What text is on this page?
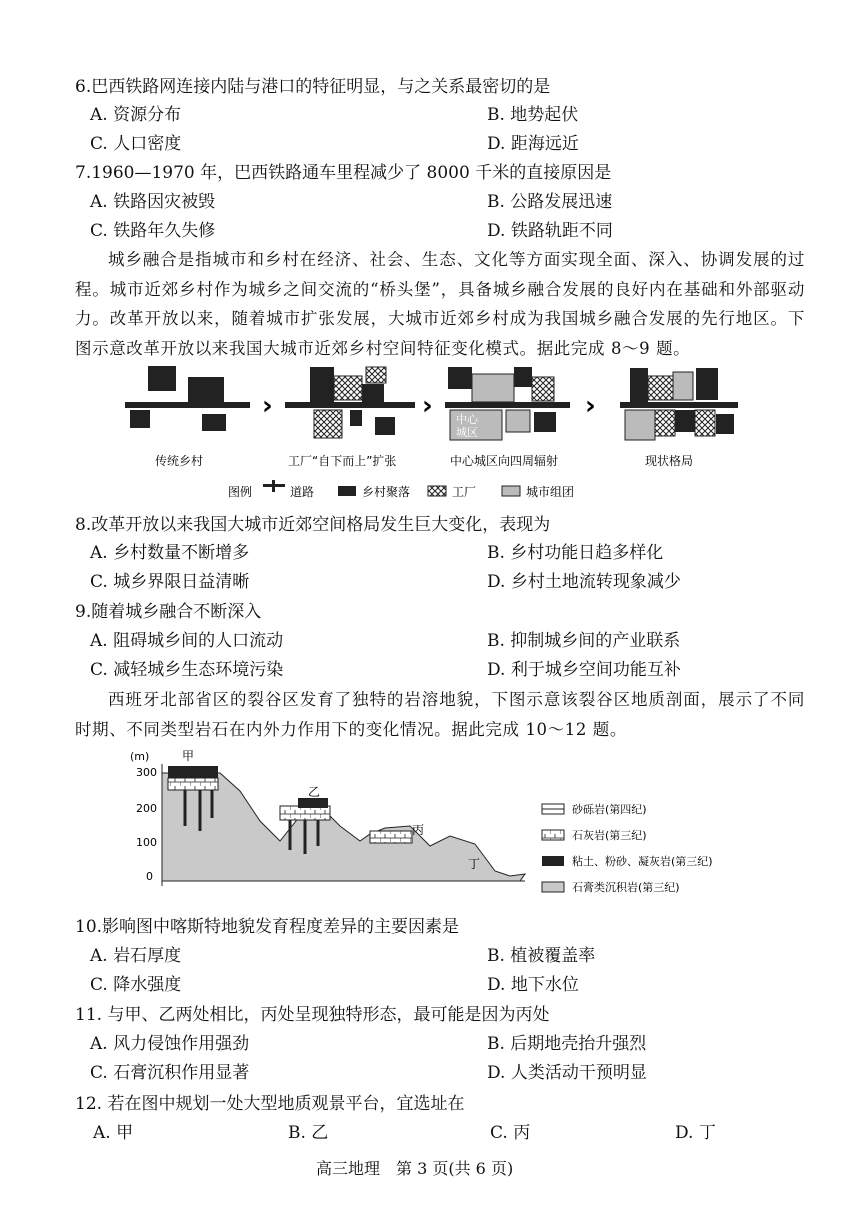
6.巴西铁路网连接内陆与港口的特征明显，与之关系最密切的是
A. 资源分布	B. 地势起伏
C. 人口密度	D. 距海远近
7.1960—1970 年，巴西铁路通车里程减少了 8000 千米的直接原因是
A. 铁路因灾被毁	B. 公路发展迅速
C. 铁路年久失修	D. 铁路轨距不同
城乡融合是指城市和乡村在经济、社会、生态、文化等方面实现全面、深入、协调发展的过程。城市近郊乡村作为城乡之间交流的“桥头堡”，具备城乡融合发展的良好内在基础和外部驱动力。改革开放以来，随着城市扩张发展，大城市近郊乡村成为我国城乡融合发展的先行地区。下图示意改革开放以来我国大城市近郊乡村空间特征变化模式。据此完成 8～9 题。
›	› 中心
城区
›
传统乡村	工厂“自下而上”扩张	中心城区向四周辐射	现状格局
图例	道路	乡村聚落	工厂	城市组团
8.改革开放以来我国大城市近郊空间格局发生巨大变化，表现为
A. 乡村数量不断增多	B. 乡村功能日趋多样化
C. 城乡界限日益清晰	D. 乡村土地流转现象减少
9.随着城乡融合不断深入
A. 阻碍城乡间的人口流动	B. 抑制城乡间的产业联系
C. 减轻城乡生态环境污染	D. 利于城乡空间功能互补
西班牙北部省区的裂谷区发育了独特的岩溶地貌，下图示意该裂谷区地质剖面，展示了不同时期、不同类型岩石在内外力作用下的变化情况。据此完成 10～12 题。
(m)
300
200
100
0
甲
乙
丙
丁
砂砾岩(第四纪)
石灰岩(第三纪)
粘土、粉砂、凝灰岩(第三纪)
石膏类沉积岩(第三纪)
10.影响图中喀斯特地貌发育程度差异的主要因素是
A. 岩石厚度	B. 植被覆盖率
C. 降水强度	D. 地下水位
11. 与甲、乙两处相比，丙处呈现独特形态，最可能是因为丙处
A. 风力侵蚀作用强劲	B. 后期地壳抬升强烈
C. 石膏沉积作用显著	D. 人类活动干预明显
12. 若在图中规划一处大型地质观景平台，宜选址在
A. 甲	B. 乙	C. 丙	D. 丁
高三地理　第 3 页(共 6 页)
